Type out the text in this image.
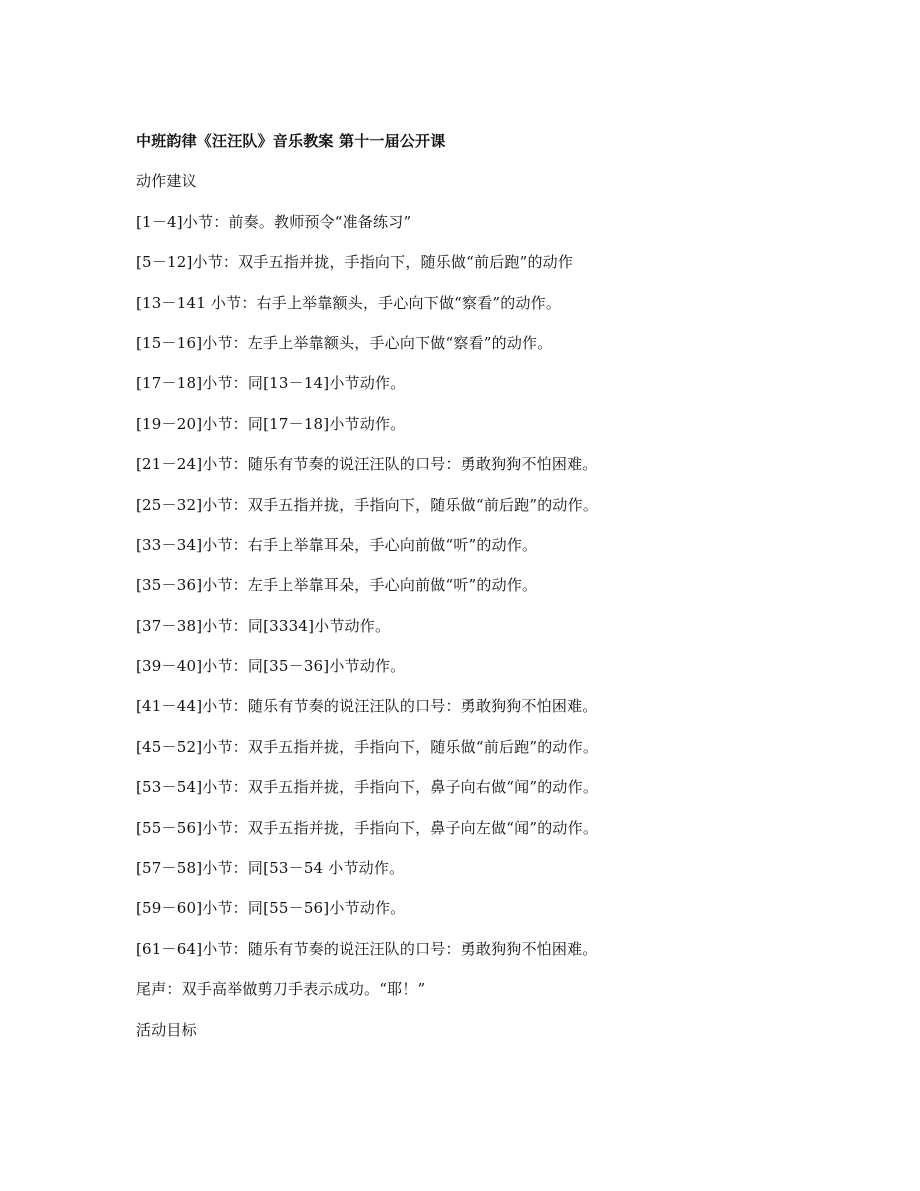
中班韵律《汪汪队》音乐教案 第十一届公开课
动作建议
[1－4]小节：前奏。教师预令“准备练习”
[5－12]小节：双手五指并拢，手指向下，随乐做“前后跑”的动作
[13－141 小节：右手上举靠额头，手心向下做“察看”的动作。
[15－16]小节：左手上举靠额头，手心向下做“察看”的动作。
[17－18]小节：同[13－14]小节动作。
[19－20]小节：同[17－18]小节动作。
[21－24]小节：随乐有节奏的说汪汪队的口号：勇敢狗狗不怕困难。
[25－32]小节：双手五指并拢，手指向下，随乐做“前后跑”的动作。
[33－34]小节：右手上举靠耳朵，手心向前做“听”的动作。
[35－36]小节：左手上举靠耳朵，手心向前做“听”的动作。
[37－38]小节：同[3334]小节动作。
[39－40]小节：同[35－36]小节动作。
[41－44]小节：随乐有节奏的说汪汪队的口号：勇敢狗狗不怕困难。
[45－52]小节：双手五指并拢，手指向下，随乐做“前后跑”的动作。
[53－54]小节：双手五指并拢，手指向下，鼻子向右做“闻”的动作。
[55－56]小节：双手五指并拢，手指向下，鼻子向左做“闻”的动作。
[57－58]小节：同[53－54 小节动作。
[59－60]小节：同[55－56]小节动作。
[61－64]小节：随乐有节奏的说汪汪队的口号：勇敢狗狗不怕困难。
尾声：双手高举做剪刀手表示成功。“耶！”
活动目标
